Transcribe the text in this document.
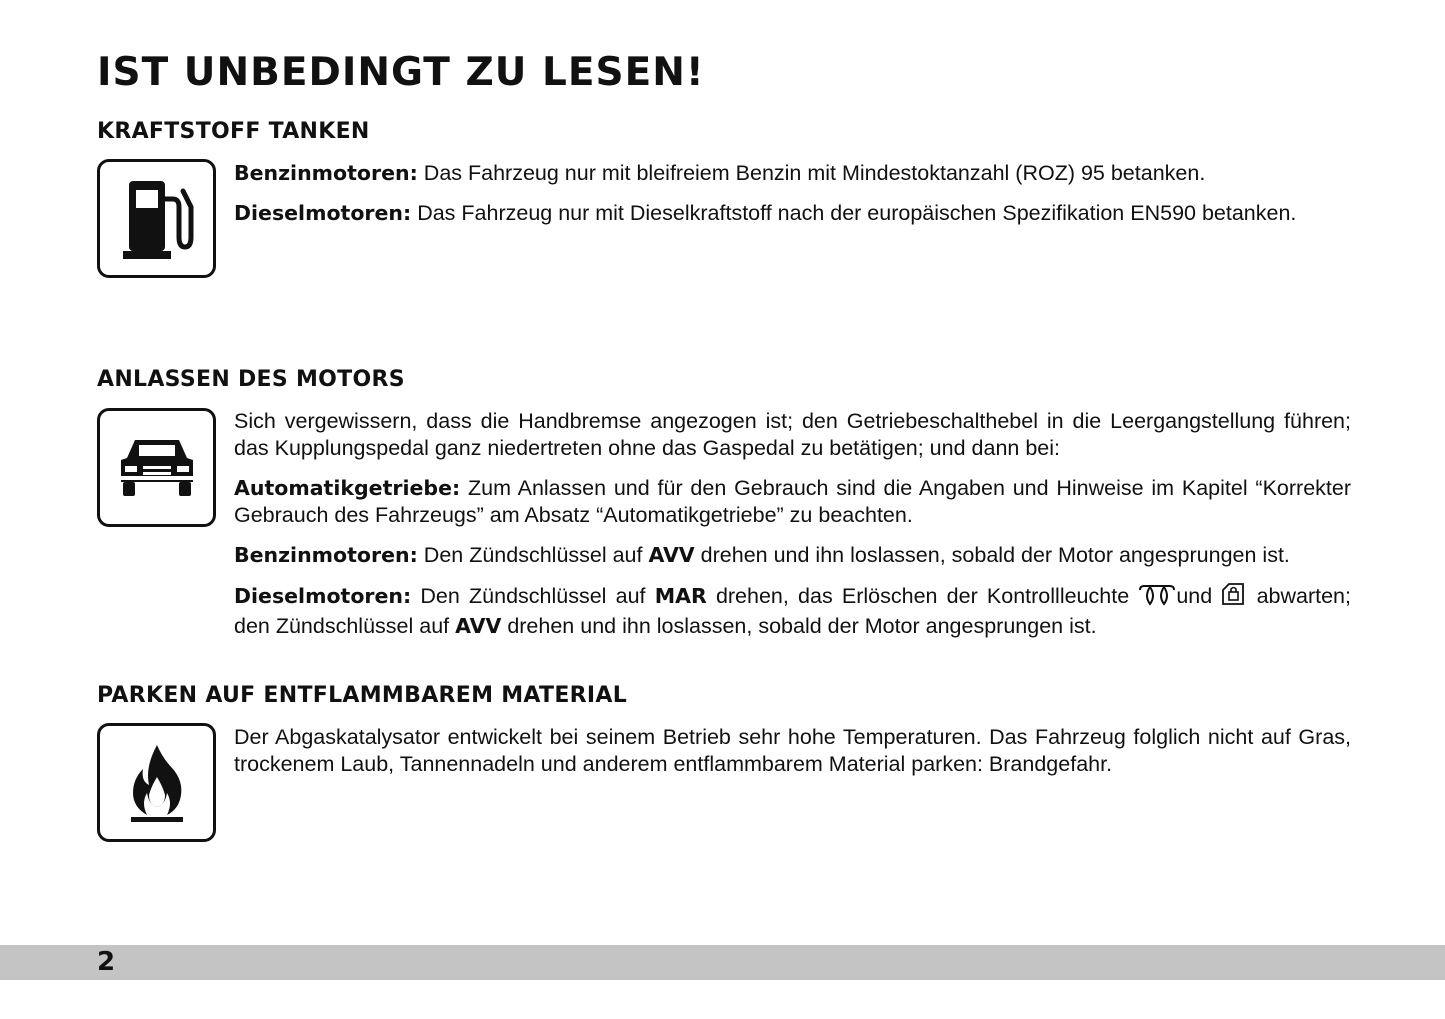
IST UNBEDINGT ZU LESEN!
KRAFTSTOFF TANKEN

Benzinmotoren: Das Fahrzeug nur mit bleifreiem Benzin mit Mindestoktanzahl (ROZ) 95 betanken.

Dieselmotoren: Das Fahrzeug nur mit Dieselkraftstoff nach der europäischen Spezifikation EN590 betanken.

ANLASSEN DES MOTORS

Sich vergewissern, dass die Handbremse angezogen ist; den Getriebeschalthebel in die Leergangstellung führen; das Kupplungspedal ganz niedertreten ohne das Gaspedal zu betätigen; und dann bei:

Automatikgetriebe: Zum Anlassen und für den Gebrauch sind die Angaben und Hinweise im Kapitel “Korrekter Gebrauch des Fahrzeugs” am Absatz “Automatikgetriebe” zu beachten.

Benzinmotoren: Den Zündschlüssel auf AVV drehen und ihn loslassen, sobald der Motor angesprungen ist.

Dieselmotoren: Den Zündschlüssel auf MAR drehen, das Erlöschen der Kontrollleuchte und  abwarten; den Zündschlüssel auf AVV drehen und ihn loslassen, sobald der Motor angesprungen ist.

PARKEN AUF ENTFLAMMBAREM MATERIAL

Der Abgaskatalysator entwickelt bei seinem Betrieb sehr hohe Temperaturen. Das Fahrzeug folglich nicht auf Gras, trockenem Laub, Tannennadeln und anderem entflammbarem Material parken: Brandgefahr.

2
